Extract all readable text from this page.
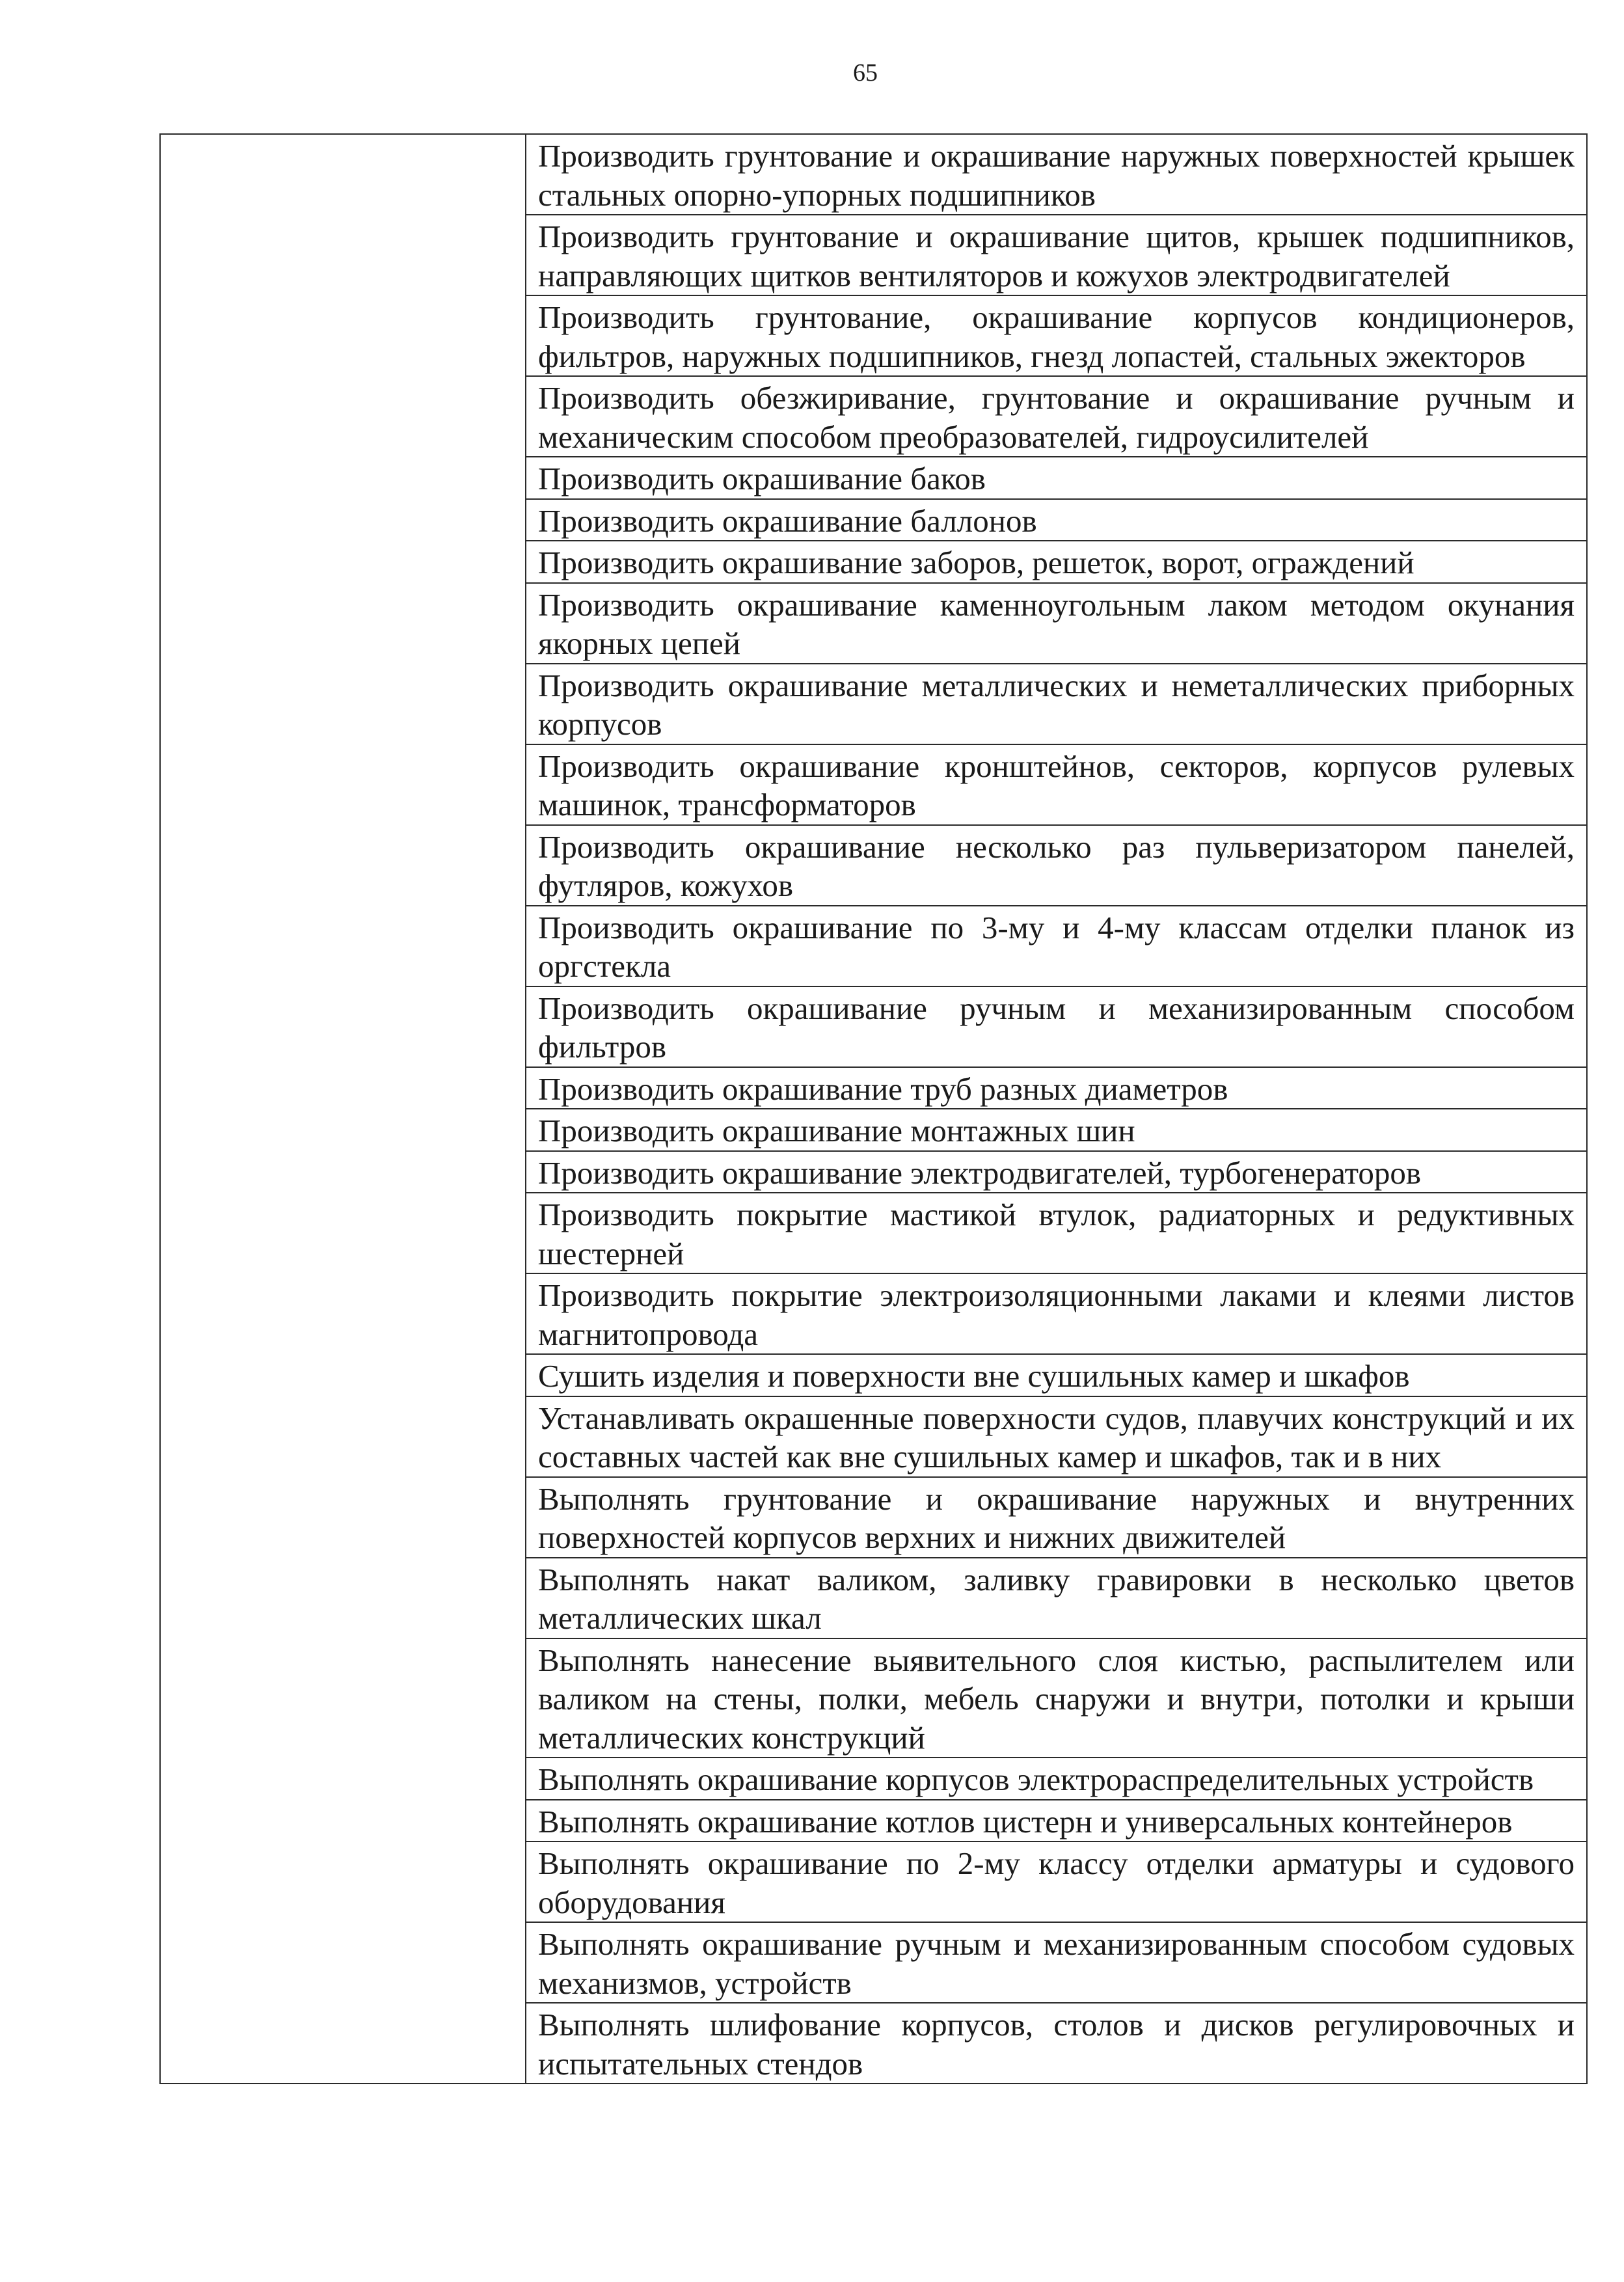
65
	Производить грунтование и окрашивание наружных поверхностей крышек стальных опорно-упорных подшипников
Производить грунтование и окрашивание щитов, крышек подшипников, направляющих щитков вентиляторов и кожухов электродвигателей
Производить грунтование, окрашивание корпусов кондиционеров, фильтров, наружных подшипников, гнезд лопастей, стальных эжекторов
Производить обезжиривание, грунтование и окрашивание ручным и механическим способом преобразователей, гидроусилителей
Производить окрашивание баков
Производить окрашивание баллонов
Производить окрашивание заборов, решеток, ворот, ограждений
Производить окрашивание каменноугольным лаком методом окунания якорных цепей
Производить окрашивание металлических и неметаллических приборных корпусов
Производить окрашивание кронштейнов, секторов, корпусов рулевых машинок, трансформаторов
Производить окрашивание несколько раз пульверизатором панелей, футляров, кожухов
Производить окрашивание по 3-му и 4-му классам отделки планок из оргстекла
Производить окрашивание ручным и механизированным способом фильтров
Производить окрашивание труб разных диаметров
Производить окрашивание монтажных шин
Производить окрашивание электродвигателей, турбогенераторов
Производить покрытие мастикой втулок, радиаторных и редуктивных шестерней
Производить покрытие электроизоляционными лаками и клеями листов магнитопровода
Сушить изделия и поверхности вне сушильных камер и шкафов
Устанавливать окрашенные поверхности судов, плавучих конструкций и их составных частей как вне сушильных камер и шкафов, так и в них
Выполнять грунтование и окрашивание наружных и внутренних поверхностей корпусов верхних и нижних движителей
Выполнять накат валиком, заливку гравировки в несколько цветов металлических шкал
Выполнять нанесение выявительного слоя кистью, распылителем или валиком на стены, полки, мебель снаружи и внутри, потолки и крыши металлических конструкций
Выполнять окрашивание корпусов электрораспределительных устройств
Выполнять окрашивание котлов цистерн и универсальных контейнеров
Выполнять окрашивание по 2-му классу отделки арматуры и судового оборудования
Выполнять окрашивание ручным и механизированным способом судовых механизмов, устройств
Выполнять шлифование корпусов, столов и дисков регулировочных и испытательных стендов
